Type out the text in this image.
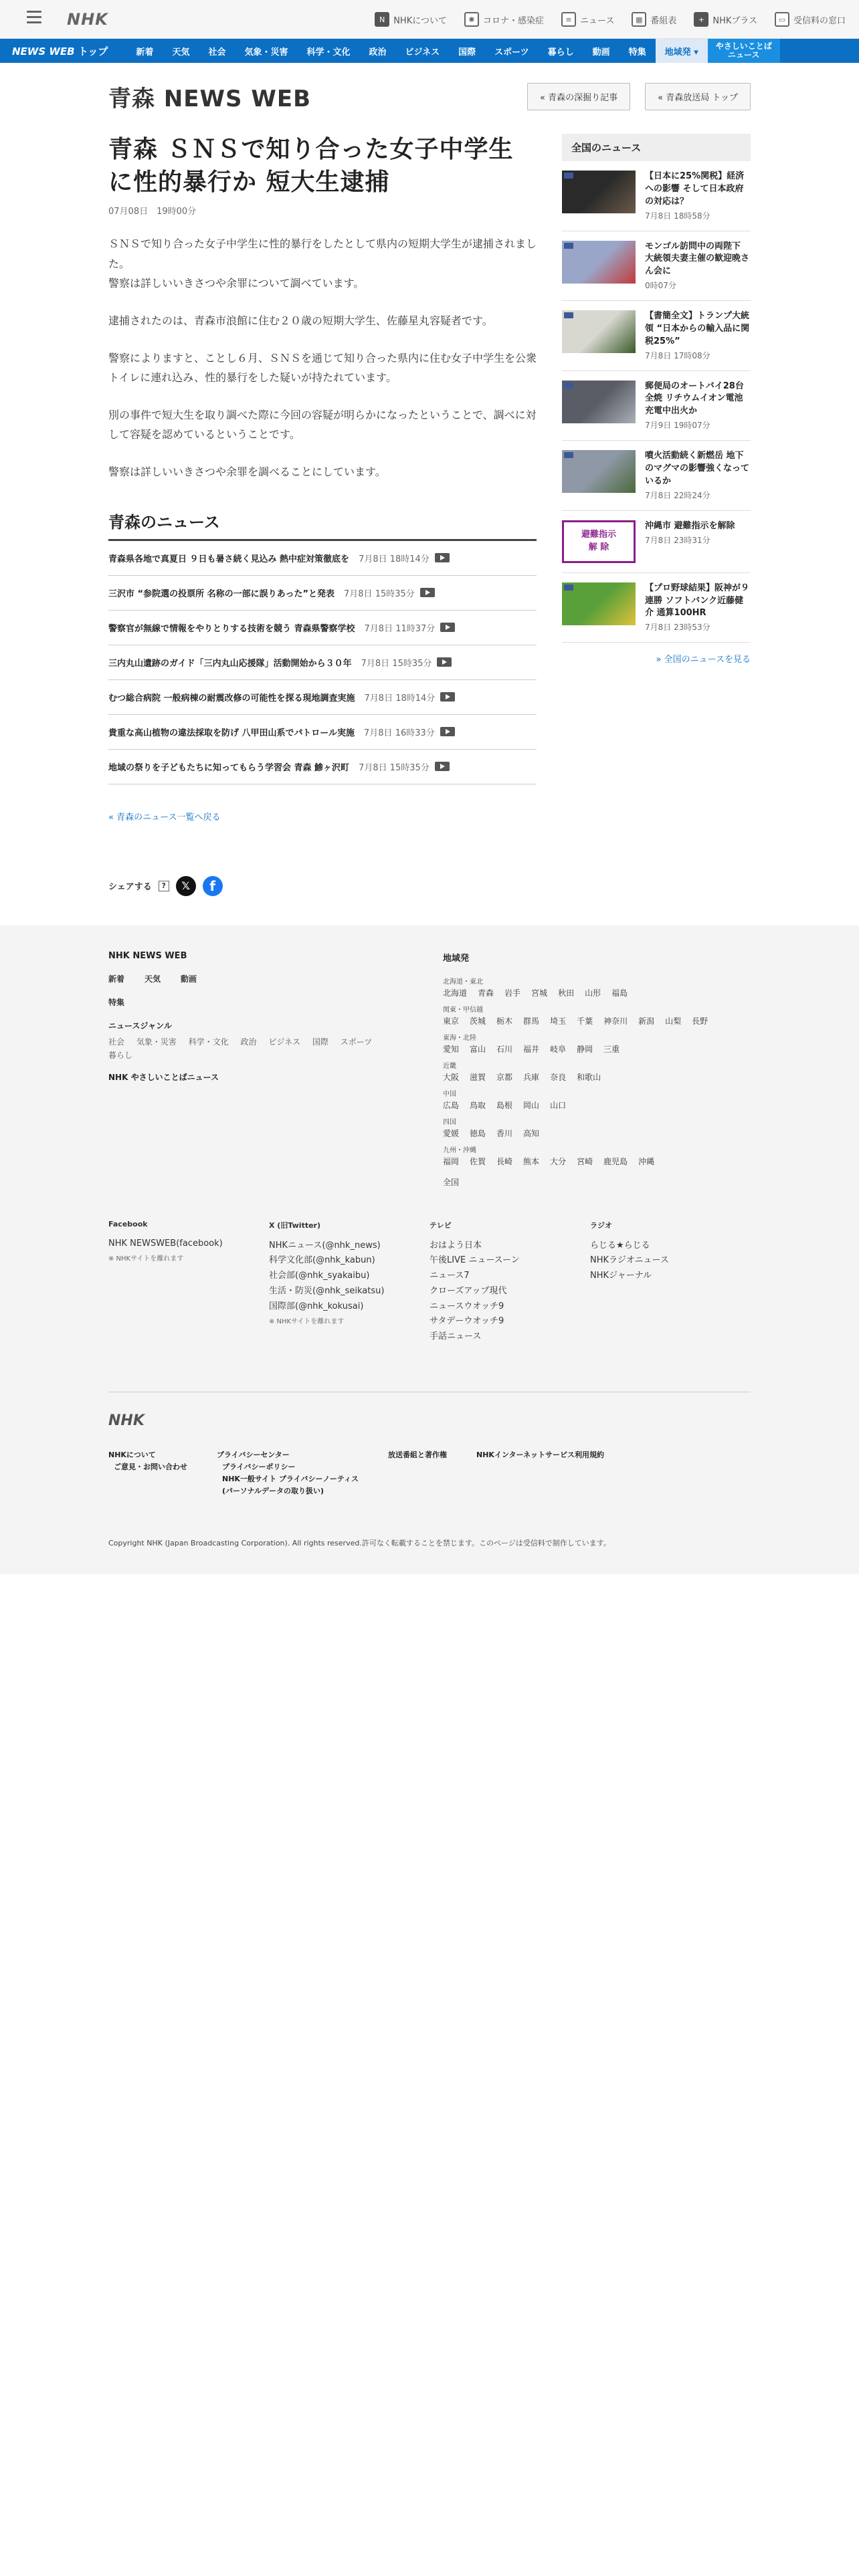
NHK	N NHKについて	✺ コロナ・感染症	≡ ニュース	▦ 番組表	+ NHKプラス	▭ 受信料の窓口
NEWS WEB トップ	新着	天気	社会	気象・災害	科学・文化	政治	ビジネス	国際	スポーツ	暮らし	動画	特集	地域発 ▾
やさしいことば
ニュース
青森 NEWS WEB	« 青森の深掘り記事	« 青森放送局 トップ
青森 ＳＮＳで知り合った女子中学生に性的暴行か 短大生逮捕
07月08日　19時00分

ＳＮＳで知り合った女子中学生に性的暴行をしたとして県内の短期大学生が逮捕されました。
警察は詳しいいきさつや余罪について調べています。

逮捕されたのは、青森市浪館に住む２０歳の短期大学生、佐藤星丸容疑者です。

警察によりますと、ことし６月、ＳＮＳを通じて知り合った県内に住む女子中学生を公衆トイレに連れ込み、性的暴行をした疑いが持たれています。

別の事件で短大生を取り調べた際に今回の容疑が明らかになったということで、調べに対して容疑を認めているということです。

警察は詳しいいきさつや余罪を調べることにしています。

青森のニュース
青森県各地で真夏日 ９日も暑さ続く見込み 熱中症対策徹底を 7月8日 18時14分
三沢市 “参院選の投票所 名称の一部に誤りあった”と発表 7月8日 15時35分
警察官が無線で情報をやりとりする技術を競う 青森県警察学校 7月8日 11時37分
三内丸山遺跡のガイド「三内丸山応援隊」活動開始から３０年 7月8日 15時35分
むつ総合病院 一般病棟の耐震改修の可能性を探る現地調査実施 7月8日 18時14分
貴重な高山植物の違法採取を防げ 八甲田山系でパトロール実施 7月8日 16時33分
地域の祭りを子どもたちに知ってもらう学習会 青森 鯵ヶ沢町 7月8日 15時35分
« 青森のニュース一覧へ戻る
シェアする	?	𝕏	f
全国のニュース
【日本に25%関税】経済への影響 そして日本政府の対応は？
7月8日 18時58分
モンゴル訪問中の両陛下 大統領夫妻主催の歓迎晩さん会に
0時07分
【書簡全文】トランプ大統領 “日本からの輸入品に関税25%”
7月8日 17時08分
郵便局のオートバイ28台全焼 リチウムイオン電池充電中出火か
7月9日 19時07分
噴火活動続く新燃岳 地下のマグマの影響強くなっているか
7月8日 22時24分
避難指示
解 除
沖縄市 避難指示を解除
7月8日 23時31分
【プロ野球結果】阪神が９連勝 ソフトバンク近藤健介 通算100HR
7月8日 23時53分
» 全国のニュースを見る
NHK NEWS WEB
新着	天気	動画
特集
ニュースジャンル
社会 気象・災害 科学・文化 政治 ビジネス 国際 スポーツ
暮らし
NHK やさしいことばニュース
地域発
北海道・東北
北海道 青森 岩手 宮城 秋田 山形 福島
関東・甲信越
東京 茨城 栃木 群馬 埼玉 千葉 神奈川 新潟 山梨 長野
東海・北陸
愛知 富山 石川 福井 岐阜 静岡 三重
近畿
大阪 滋賀 京都 兵庫 奈良 和歌山
中国
広島 鳥取 島根 岡山 山口
四国
愛媛 徳島 香川 高知
九州・沖縄
福岡 佐賀 長崎 熊本 大分 宮崎 鹿児島 沖縄
全国
Facebook
NHK NEWSWEB(facebook)
※ NHKサイトを離れます
X (旧Twitter)
NHKニュース(@nhk_news)
科学文化部(@nhk_kabun)
社会部(@nhk_syakaibu)
生活・防災(@nhk_seikatsu)
国際部(@nhk_kokusai)
※ NHKサイトを離れます
テレビ
おはよう日本
午後LIVE ニュースーン
ニュース7
クローズアップ現代
ニュースウオッチ9
サタデーウオッチ9
手話ニュース
ラジオ
らじる★らじる
NHKラジオニュース
NHKジャーナル
NHK
NHKについて
ご意見・お問い合わせ
プライバシーセンター
プライバシーポリシー
NHK一般サイト プライバシーノーティス
(パーソナルデータの取り扱い)
放送番組と著作権	NHKインターネットサービス利用規約
Copyright NHK (Japan Broadcasting Corporation). All rights reserved.許可なく転載することを禁じます。このページは受信料で制作しています。
